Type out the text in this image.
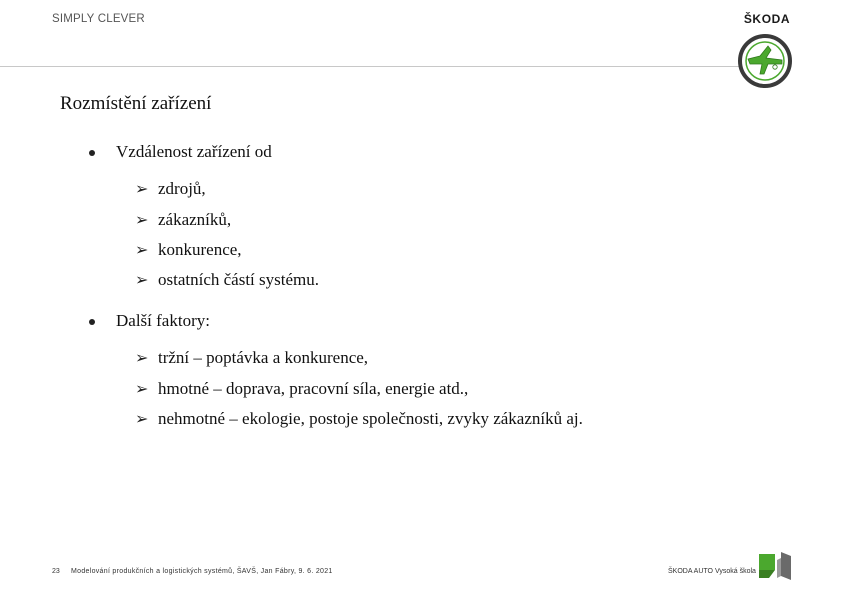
SIMPLY CLEVER	ŠKODA
Rozmístění zařízení
Vzdálenost zařízení od
➢ zdrojů,
➢ zákazníků,
➢ konkurence,
➢ ostatních částí systému.
Další faktory:
➢ tržní – poptávka a konkurence,
➢ hmotné – doprava, pracovní síla, energie atd.,
➢ nehmotné – ekologie, postoje společnosti, zvyky zákazníků aj.
23 Modelování produkčních a logistických systémů, ŠAVŠ, Jan Fábry, 9. 6. 2021	ŠKODA AUTO Vysoká škola
